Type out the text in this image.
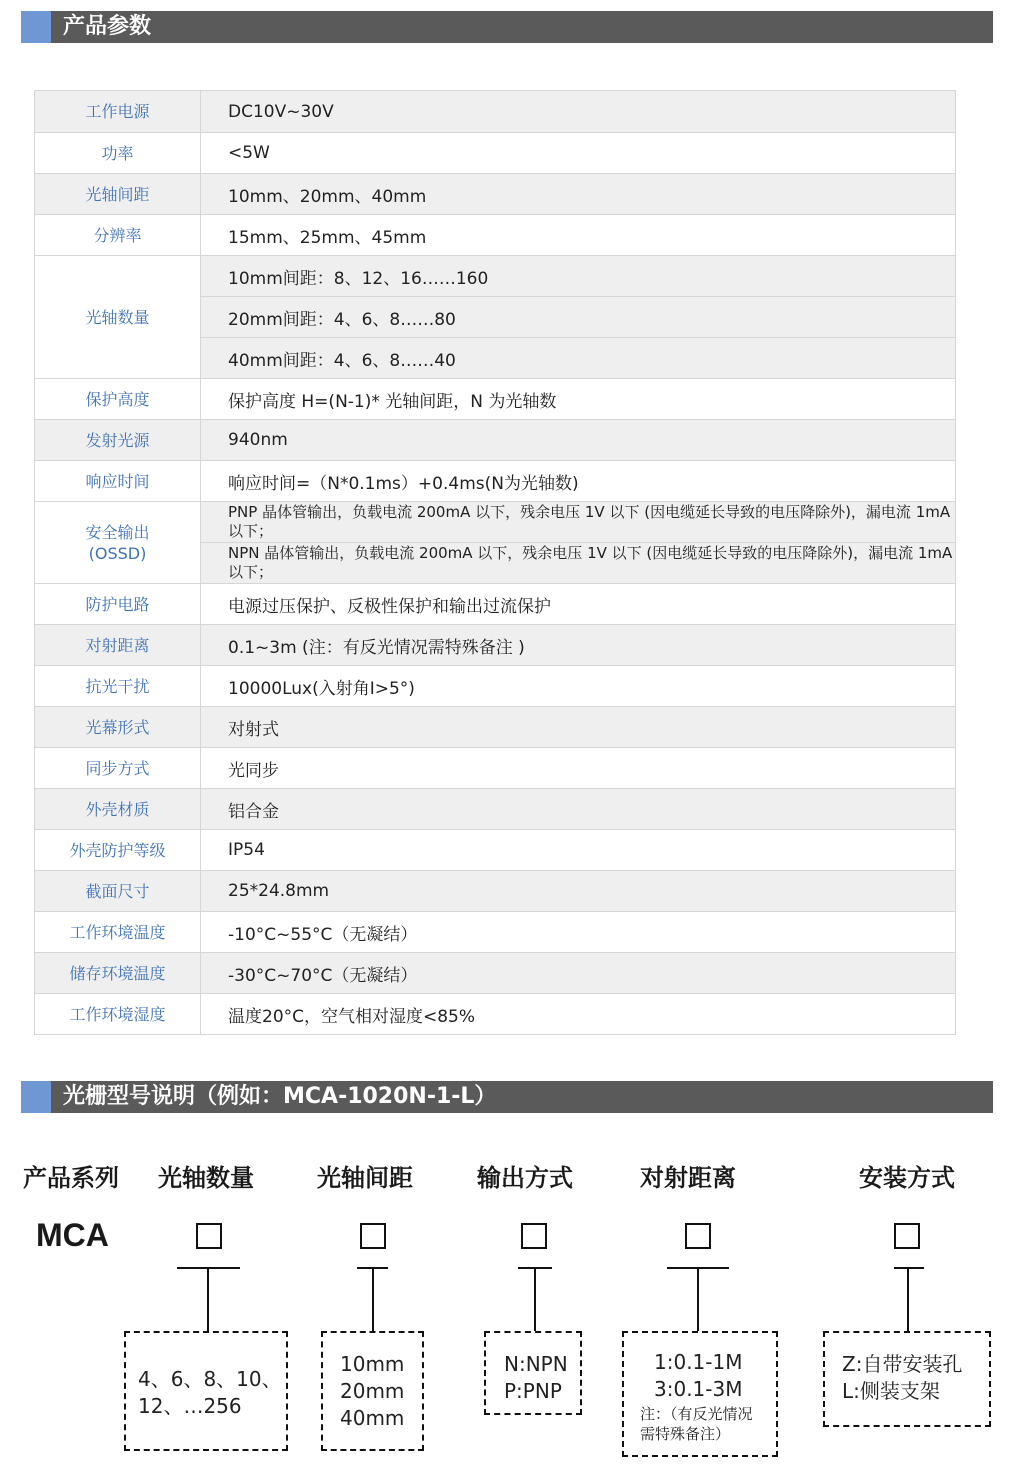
产品参数
工作电源	DC10V~30V
功率	<5W
光轴间距	10mm、20mm、40mm
分辨率	15mm、25mm、45mm
光轴数量	10mm间距：8、12、16……160
	20mm间距：4、6、8……80
	40mm间距：4、6、8……40
保护高度	保护高度 H=(N-1)* 光轴间距，N 为光轴数
发射光源	940nm
响应时间	响应时间=（N*0.1ms）+0.4ms(N为光轴数)
安全输出
(OSSD)	PNP 晶体管输出，负载电流 200mA 以下，残余电压 1V 以下 (因电缆延长导致的电压降除外)，漏电流 1mA 以下；
	NPN 晶体管输出，负载电流 200mA 以下，残余电压 1V 以下 (因电缆延长导致的电压降除外)，漏电流 1mA 以下；
防护电路	电源过压保护、反极性保护和输出过流保护
对射距离	0.1~3m (注：有反光情况需特殊备注 )
抗光干扰	10000Lux(入射角I>5°)
光幕形式	对射式
同步方式	光同步
外壳材质	铝合金
外壳防护等级	IP54
截面尺寸	25*24.8mm
工作环境温度	-10°C~55°C（无凝结）
储存环境温度	-30°C~70°C（无凝结）
工作环境湿度	温度20°C，空气相对湿度<85%
光栅型号说明（例如：MCA-1020N-1-L）
产品系列 光轴数量	光轴间距	输出方式	对射距离	安装方式
MCA
4、6、8、10、
12、…256
10mm
20mm
40mm
N:NPN
P:PNP
1:0.1-1M
3:0.1-3M
注：（有反光情况
需特殊备注）
Z:自带安装孔
L:侧装支架
